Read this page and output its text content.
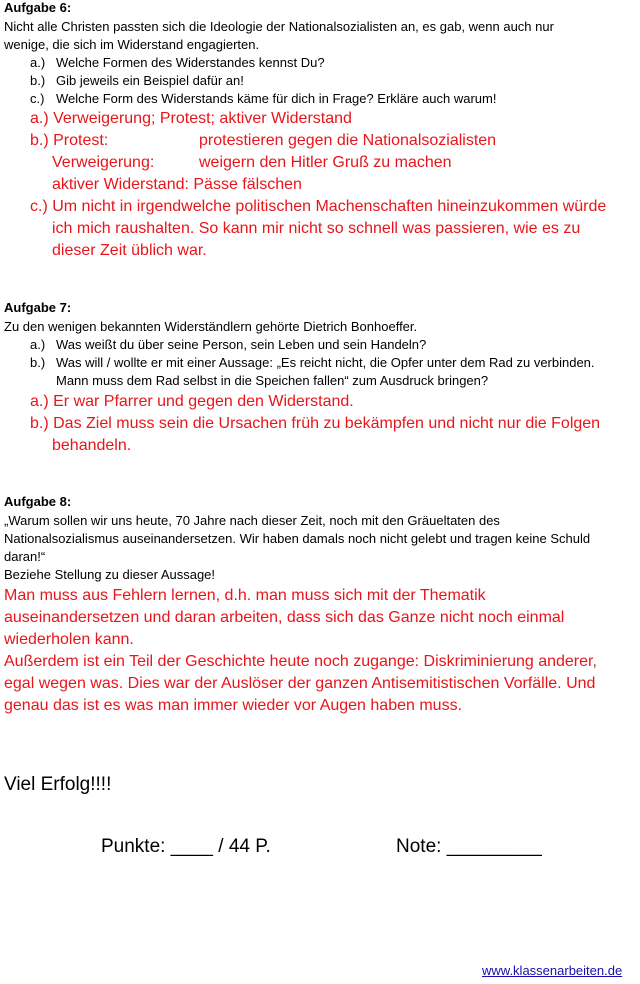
Aufgabe 6:
Nicht alle Christen passten sich die Ideologie der Nationalsozialisten an, es gab, wenn auch nur
wenige, die sich im Widerstand engagierten.
a.) Welche Formen des Widerstandes kennst Du?
b.) Gib jeweils ein Beispiel dafür an!
c.) Welche Form des Widerstands käme für dich in Frage? Erkläre auch warum!
a.) Verweigerung; Protest; aktiver Widerstand
b.) Protest:	protestieren gegen die Nationalsozialisten
Verweigerung:	weigern den Hitler Gruß zu machen
aktiver Widerstand: Pässe fälschen
c.) Um nicht in irgendwelche politischen Machenschaften hineinzukommen würde
ich mich raushalten. So kann mir nicht so schnell was passieren, wie es zu
dieser Zeit üblich war.
Aufgabe 7:
Zu den wenigen bekannten Widerständlern gehörte Dietrich Bonhoeffer.
a.) Was weißt du über seine Person, sein Leben und sein Handeln?
b.) Was will / wollte er mit einer Aussage: „Es reicht nicht, die Opfer unter dem Rad zu verbinden.
Mann muss dem Rad selbst in die Speichen fallen“ zum Ausdruck bringen?
a.) Er war Pfarrer und gegen den Widerstand.
b.) Das Ziel muss sein die Ursachen früh zu bekämpfen und nicht nur die Folgen
behandeln.
Aufgabe 8:
„Warum sollen wir uns heute, 70 Jahre nach dieser Zeit, noch mit den Gräueltaten des
Nationalsozialismus auseinandersetzen. Wir haben damals noch nicht gelebt und tragen keine Schuld
daran!“
Beziehe Stellung zu dieser Aussage!
Man muss aus Fehlern lernen, d.h. man muss sich mit der Thematik
auseinandersetzen und daran arbeiten, dass sich das Ganze nicht noch einmal
wiederholen kann.
Außerdem ist ein Teil der Geschichte heute noch zugange: Diskriminierung anderer,
egal wegen was. Dies war der Auslöser der ganzen Antisemitistischen Vorfälle. Und
genau das ist es was man immer wieder vor Augen haben muss.
Viel Erfolg!!!!
Punkte: ____ / 44 P.	Note: _________
www.klassenarbeiten.de
